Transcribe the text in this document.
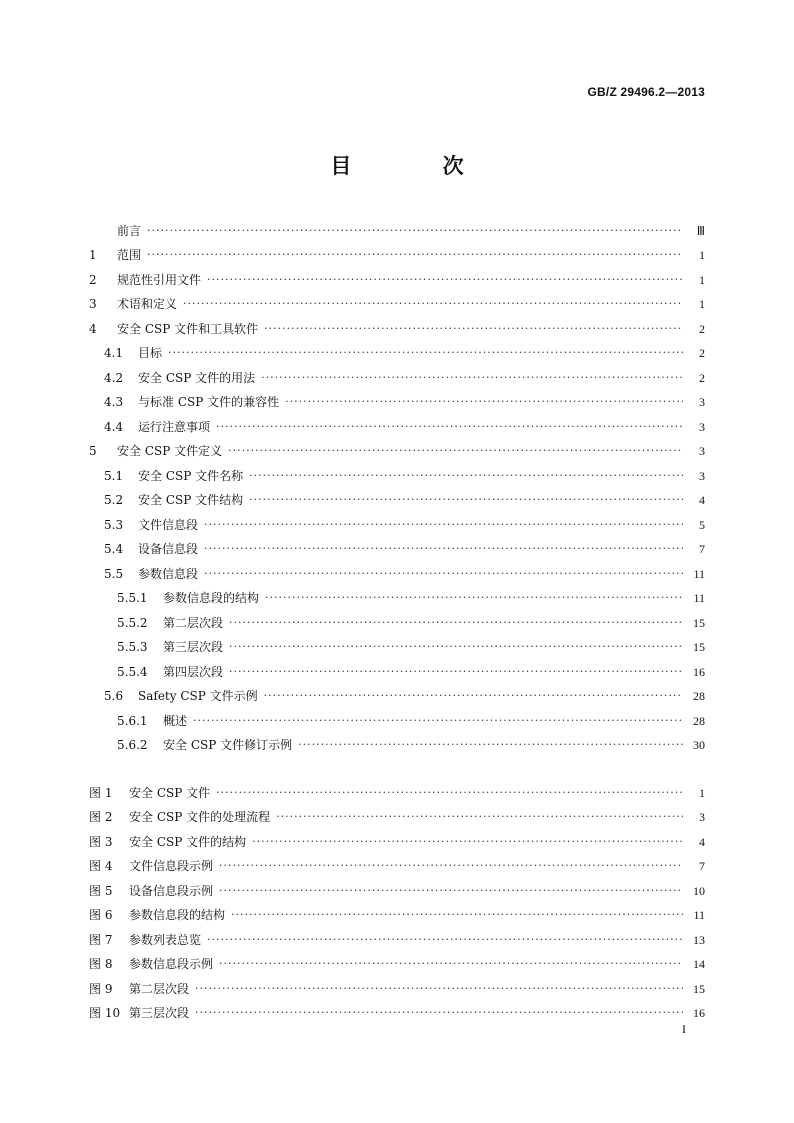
GB/Z 29496.2—2013
目 次
前言 ·····	Ⅲ
1	范围 ·····	1
2	规范性引用文件 ·····	1
3	术语和定义 ·····	1
4	安全 CSP 文件和工具软件 ·····	2
4.1	目标 ·····	2
4.2	安全 CSP 文件的用法 ·····	2
4.3	与标准 CSP 文件的兼容性 ·····	3
4.4	运行注意事项 ·····	3
5	安全 CSP 文件定义 ·····	3
5.1	安全 CSP 文件名称 ·····	3
5.2	安全 CSP 文件结构 ·····	4
5.3	文件信息段 ·····	5
5.4	设备信息段 ·····	7
5.5	参数信息段 ·····	11
5.5.1	参数信息段的结构 ·····	11
5.5.2	第二层次段 ·····	15
5.5.3	第三层次段 ·····	15
5.5.4	第四层次段 ·····	16
5.6	Safety CSP 文件示例 ·····	28
5.6.1	概述 ·····	28
5.6.2	安全 CSP 文件修订示例 ·····	30
图 1	安全 CSP 文件 ·····	1
图 2	安全 CSP 文件的处理流程 ·····	3
图 3	安全 CSP 文件的结构 ·····	4
图 4	文件信息段示例 ·····	7
图 5	设备信息段示例 ·····	10
图 6	参数信息段的结构 ·····	11
图 7	参数列表总览 ·····	13
图 8	参数信息段示例 ·····	14
图 9	第二层次段 ·····	15
图 10 第三层次段 ·····	16
I
